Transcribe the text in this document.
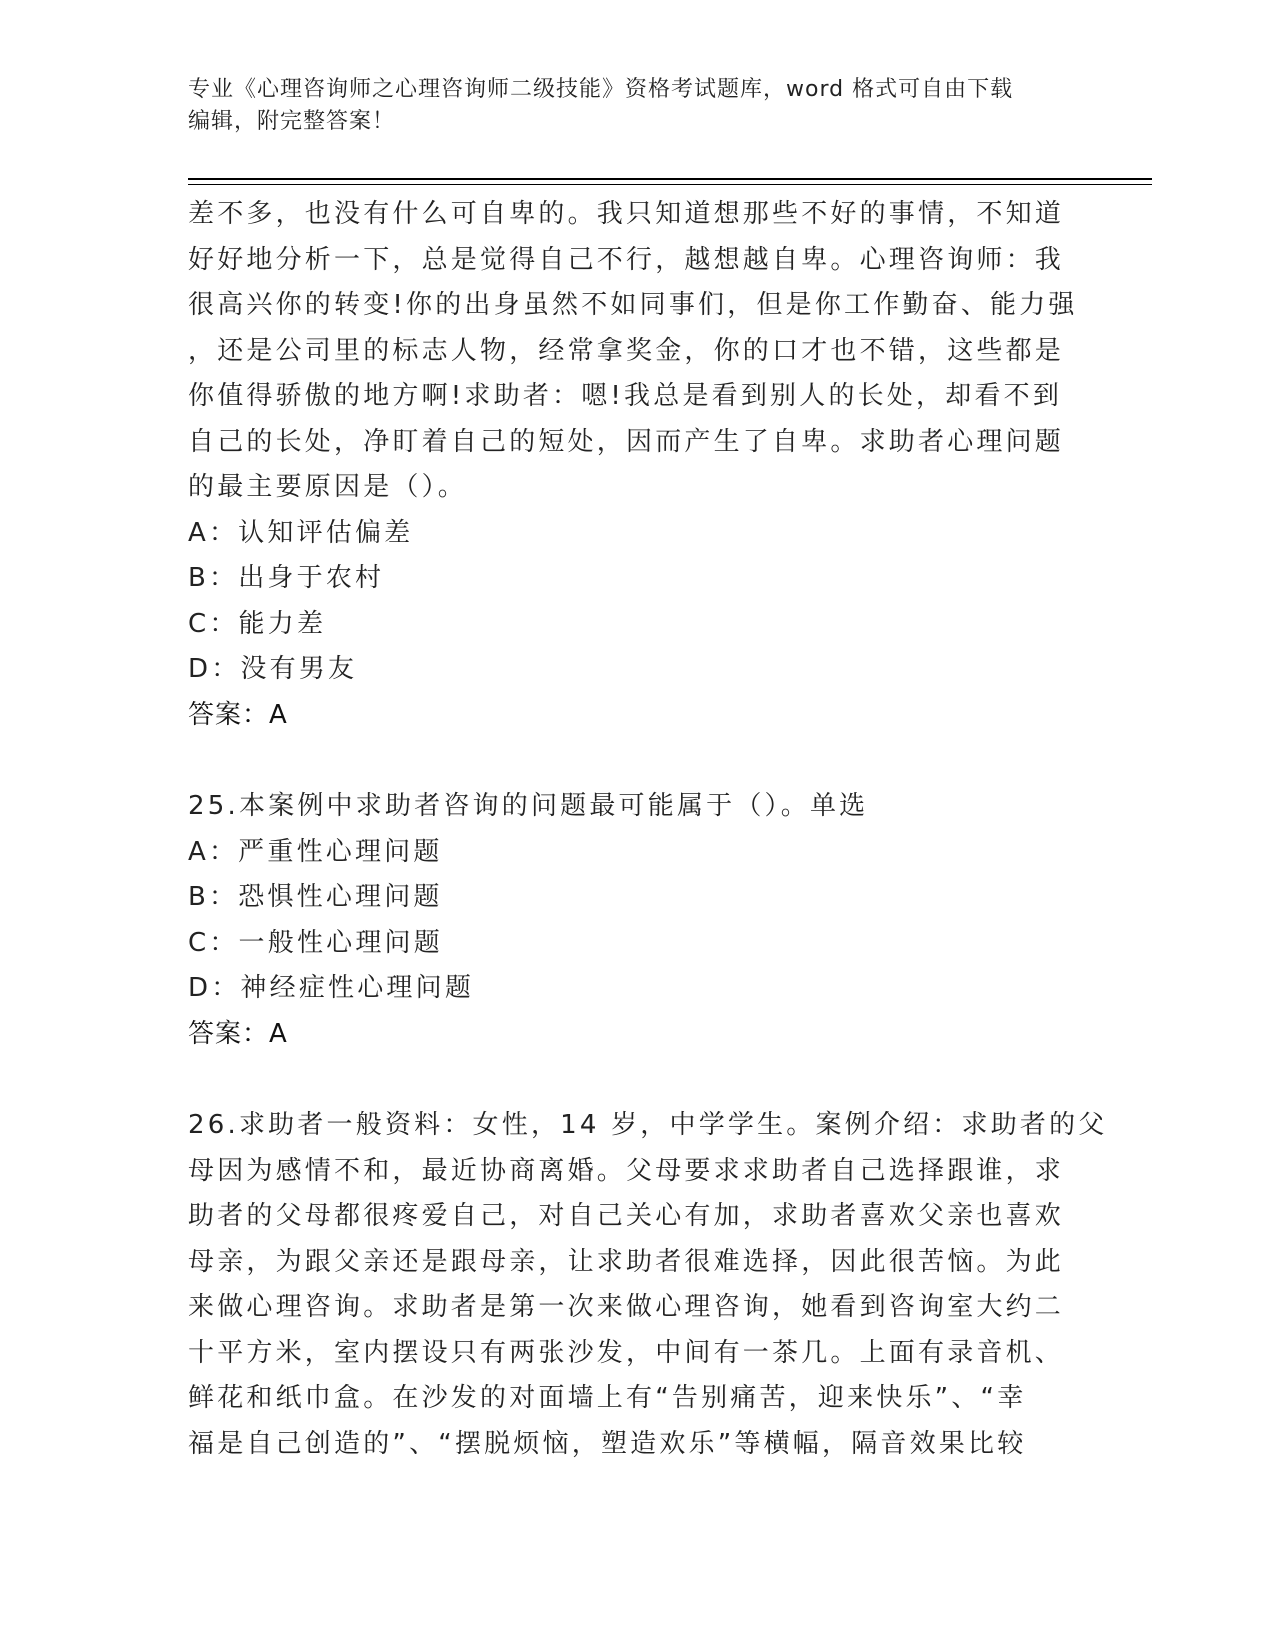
专业《心理咨询师之心理咨询师二级技能》资格考试题库，word 格式可自由下载
编辑，附完整答案！
差不多，也没有什么可自卑的。我只知道想那些不好的事情，不知道
好好地分析一下，总是觉得自己不行，越想越自卑。心理咨询师：我
很高兴你的转变!你的出身虽然不如同事们，但是你工作勤奋、能力强
，还是公司里的标志人物，经常拿奖金，你的口才也不错，这些都是
你值得骄傲的地方啊!求助者：嗯!我总是看到别人的长处，却看不到
自己的长处，净盯着自己的短处，因而产生了自卑。求助者心理问题
的最主要原因是（）。
A：认知评估偏差
B：出身于农村
C：能力差
D：没有男友
答案：A
25.本案例中求助者咨询的问题最可能属于（）。单选
A：严重性心理问题
B：恐惧性心理问题
C：一般性心理问题
D：神经症性心理问题
答案：A
26.求助者一般资料：女性，14 岁，中学学生。案例介绍：求助者的父
母因为感情不和，最近协商离婚。父母要求求助者自己选择跟谁，求
助者的父母都很疼爱自己，对自己关心有加，求助者喜欢父亲也喜欢
母亲，为跟父亲还是跟母亲，让求助者很难选择，因此很苦恼。为此
来做心理咨询。求助者是第一次来做心理咨询，她看到咨询室大约二
十平方米，室内摆设只有两张沙发，中间有一茶几。上面有录音机、
鲜花和纸巾盒。在沙发的对面墙上有“告别痛苦，迎来快乐”、“幸
福是自己创造的”、“摆脱烦恼，塑造欢乐”等横幅，隔音效果比较
